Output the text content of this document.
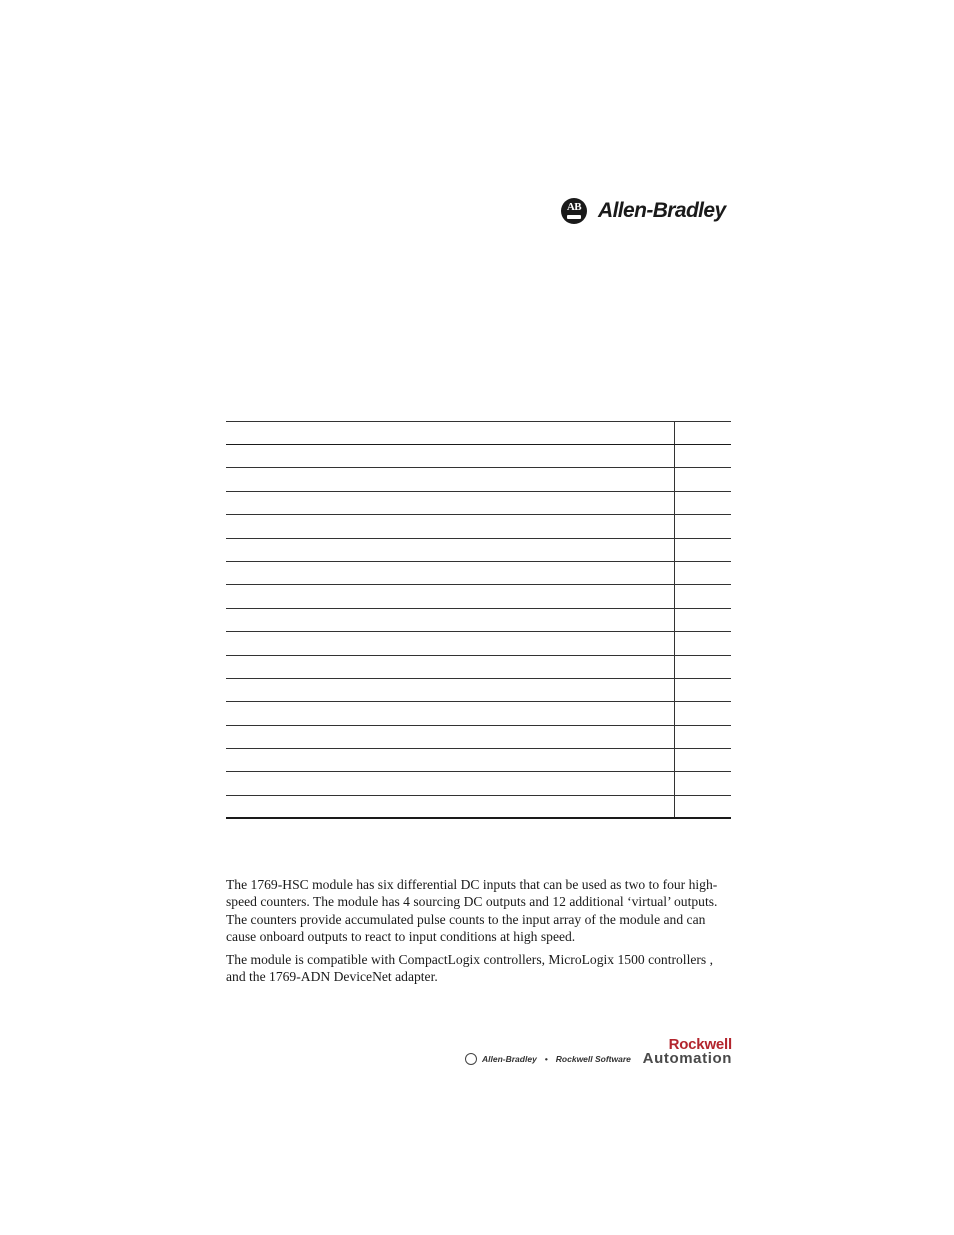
AB Allen-Bradley

The 1769-HSC module has six differential DC inputs that can be used as two to four high-speed counters. The module has 4 sourcing DC outputs and 12 additional ‘virtual’ outputs. The counters provide accumulated pulse counts to the input array of the module and can cause onboard outputs to react to input conditions at high speed.

The module is compatible with CompactLogix controllers, MicroLogix 1500 controllers , and the 1769-ADN DeviceNet adapter.

Allen-Bradley • Rockwell Software
Rockwell
Automation
